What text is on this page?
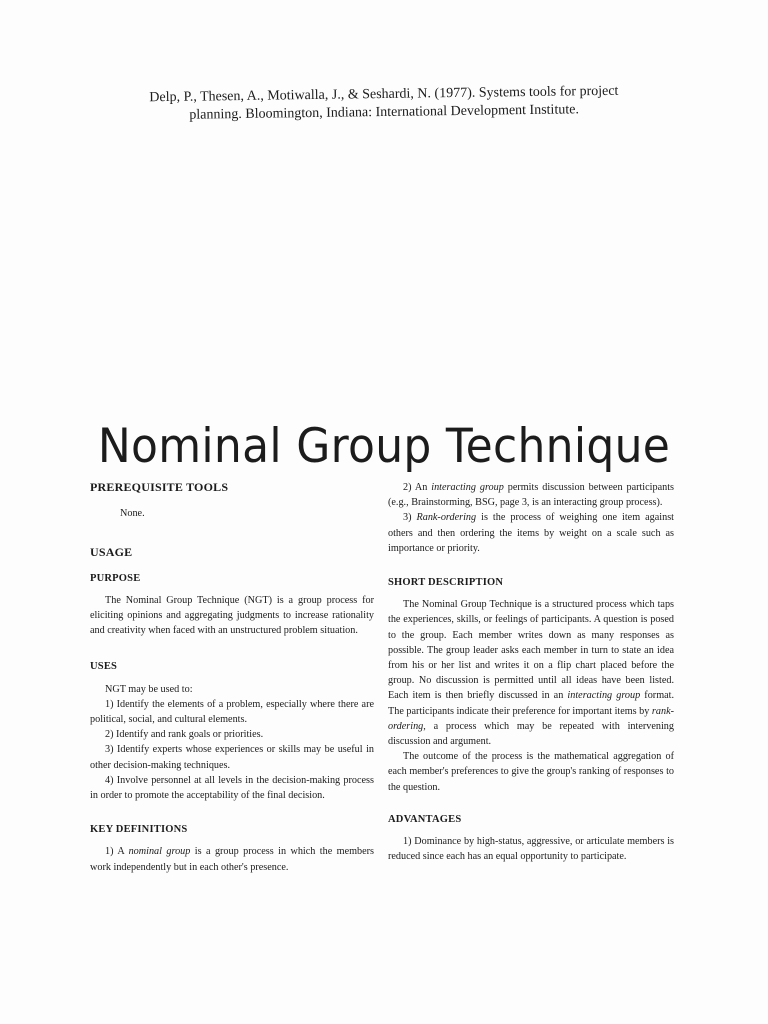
Delp, P., Thesen, A., Motiwalla, J., & Seshardi, N. (1977). Systems tools for project
planning. Bloomington, Indiana: International Development Institute.
Nominal Group Technique
PREREQUISITE TOOLS

None.

USAGE
PURPOSE

The Nominal Group Technique (NGT) is a group process for eliciting opinions and aggregating judgments to increase rationality and creativity when faced with an unstructured problem situation.

USES

NGT may be used to:

1) Identify the elements of a problem, especially where there are political, social, and cultural elements.

2) Identify and rank goals or priorities.

3) Identify experts whose experiences or skills may be useful in other decision-making techniques.

4) Involve personnel at all levels in the decision-making process in order to promote the acceptability of the final decision.

KEY DEFINITIONS

1) A nominal group is a group process in which the members work independently but in each other's presence.

2) An interacting group permits discussion between participants (e.g., Brainstorming, BSG, page 3, is an interacting group process).

3) Rank-ordering is the process of weighing one item against others and then ordering the items by weight on a scale such as importance or priority.

SHORT DESCRIPTION

The Nominal Group Technique is a structured process which taps the experiences, skills, or feelings of participants. A question is posed to the group. Each member writes down as many responses as possible. The group leader asks each member in turn to state an idea from his or her list and writes it on a flip chart placed before the group. No discussion is permitted until all ideas have been listed. Each item is then briefly discussed in an interacting group format. The participants indicate their preference for important items by rank-ordering, a process which may be repeated with intervening discussion and argument.

The outcome of the process is the mathematical aggregation of each member's preferences to give the group's ranking of responses to the question.

ADVANTAGES

1) Dominance by high-status, aggressive, or articulate members is reduced since each has an equal opportunity to participate.
